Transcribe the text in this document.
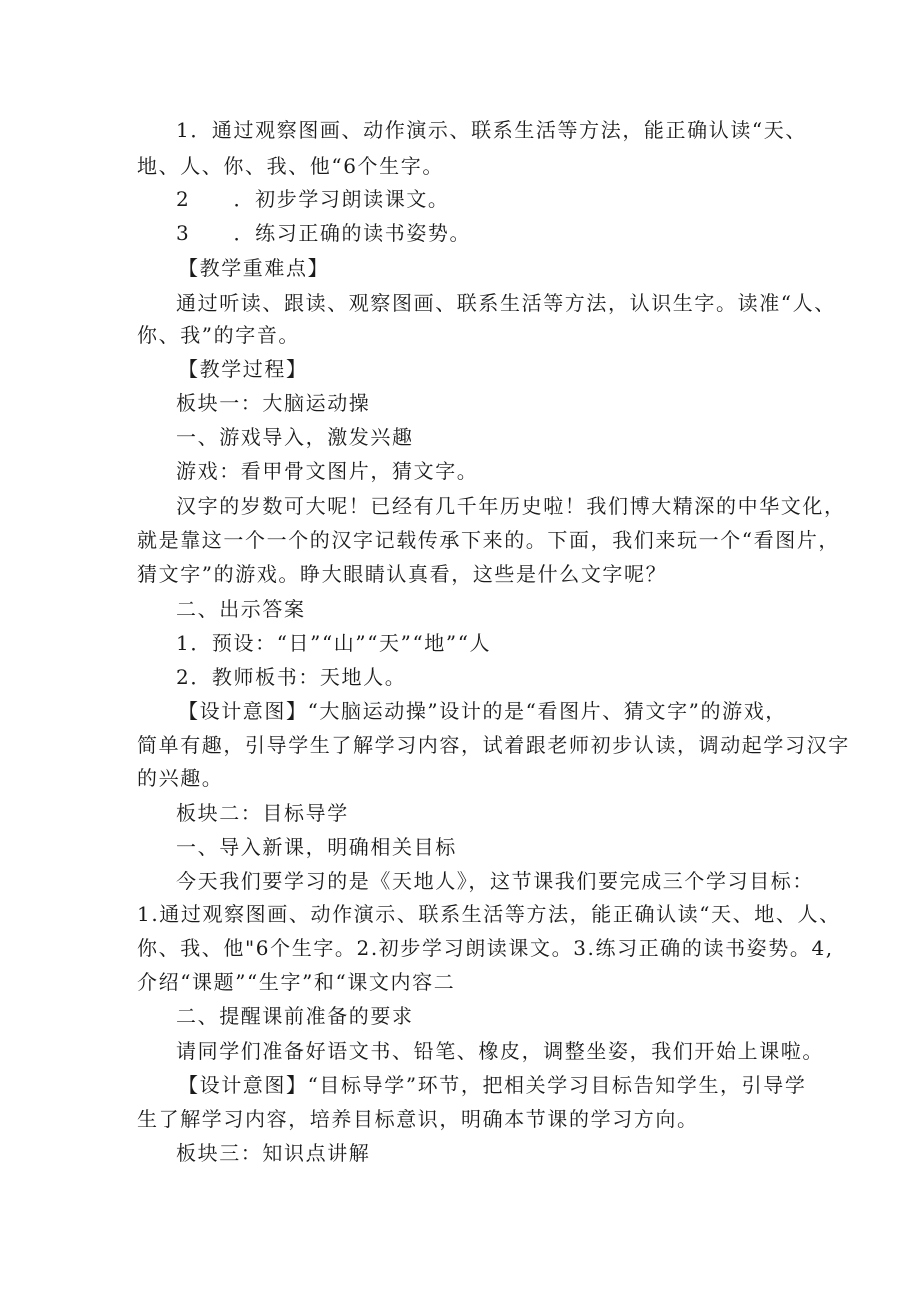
1．通过观察图画、动作演示、联系生活等方法，能正确认读“天、
地、人、你、我、他“6个生字。
2　　．初步学习朗读课文。
3　　．练习正确的读书姿势。
【教学重难点】
通过听读、跟读、观察图画、联系生活等方法，认识生字。读准“人、
你、我”的字音。
【教学过程】
板块一：大脑运动操
一、游戏导入，激发兴趣
游戏：看甲骨文图片，猜文字。
汉字的岁数可大呢！已经有几千年历史啦！我们博大精深的中华文化，
就是靠这一个一个的汉字记载传承下来的。下面，我们来玩一个“看图片，
猜文字”的游戏。睁大眼睛认真看，这些是什么文字呢？
二、出示答案
1．预设：“日”“山”“天”“地”“人
2．教师板书：天地人。
【设计意图】“大脑运动操”设计的是“看图片、猜文字”的游戏，
简单有趣，引导学生了解学习内容，试着跟老师初步认读，调动起学习汉字
的兴趣。
板块二：目标导学
一、导入新课，明确相关目标
今天我们要学习的是《天地人》，这节课我们要完成三个学习目标：
1.通过观察图画、动作演示、联系生活等方法，能正确认读“天、地、人、
你、我、他"6个生字。2.初步学习朗读课文。3.练习正确的读书姿势。4,
介绍“课题”“生字”和“课文内容二
二、提醒课前准备的要求
请同学们准备好语文书、铅笔、橡皮，调整坐姿，我们开始上课啦。
【设计意图】“目标导学”环节，把相关学习目标告知学生，引导学
生了解学习内容，培养目标意识，明确本节课的学习方向。
板块三：知识点讲解
